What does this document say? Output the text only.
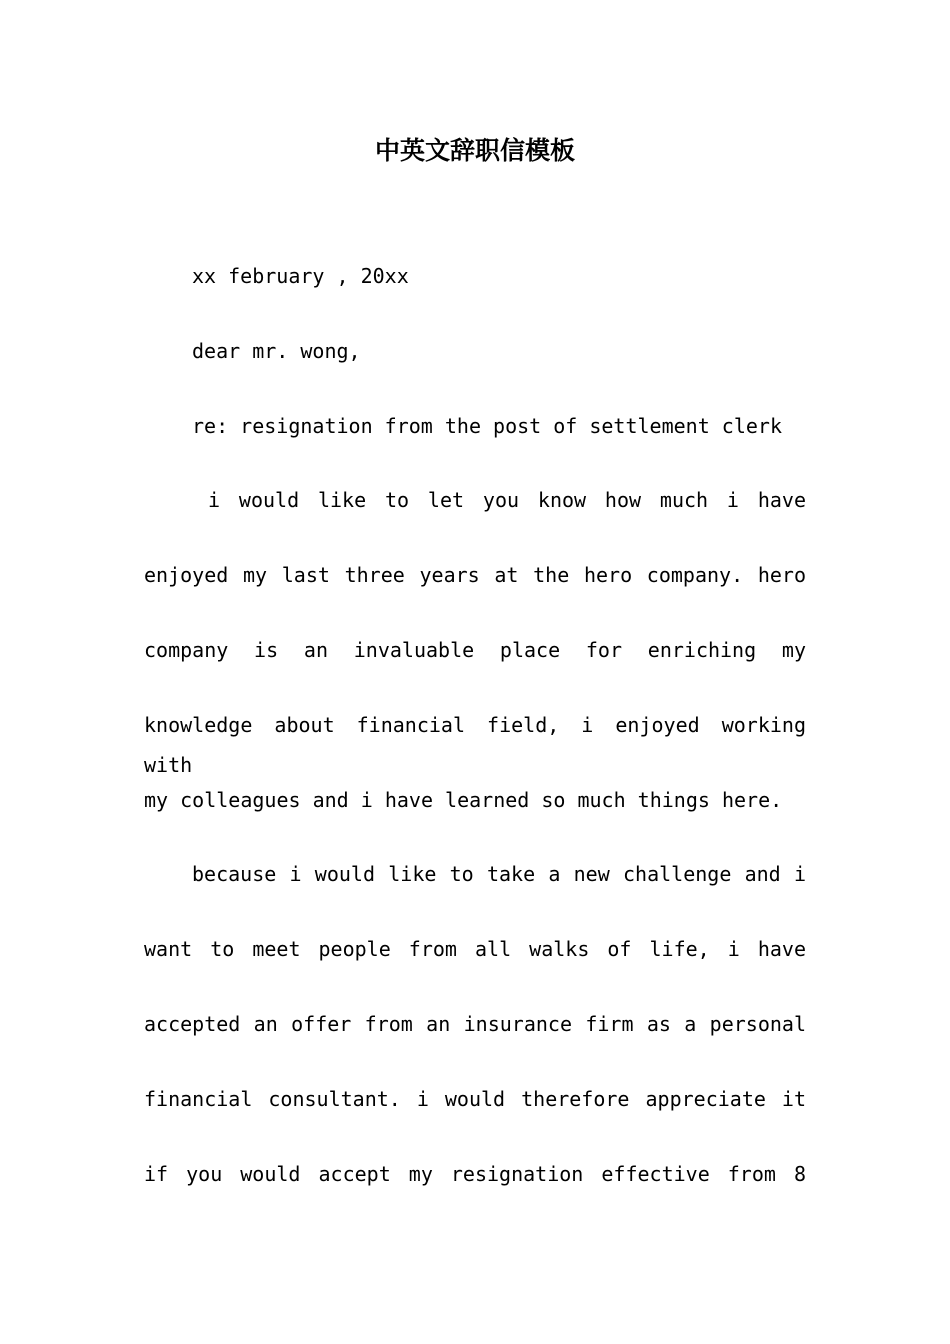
中英文辞职信模板
xx february , 20xx
dear mr. wong,
re: resignation from the post of settlement clerk
i would like to let you know how much i have
enjoyed my last three years at the hero company. hero
company is an invaluable place for enriching my
knowledge about financial field, i enjoyed working with
my colleagues and i have learned so much things here.
because i would like to take a new challenge and i
want to meet people from all walks of life, i have
accepted an offer from an insurance firm as a personal
financial consultant. i would therefore appreciate it
if you would accept my resignation effective from 8
